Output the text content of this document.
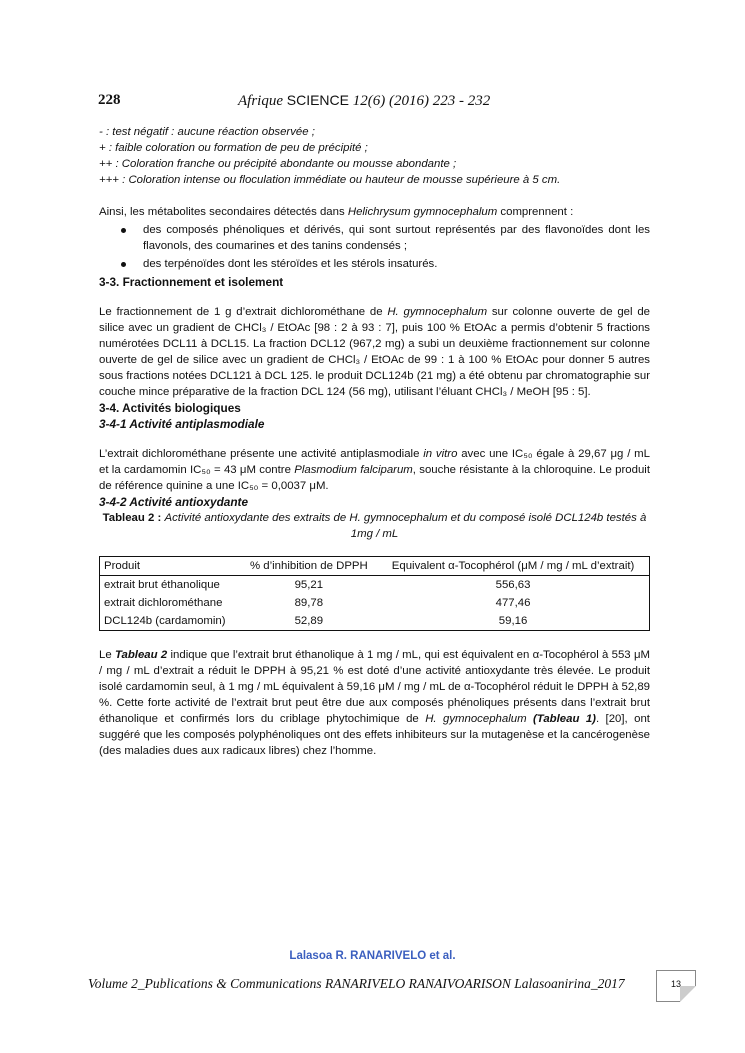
228	Afrique SCIENCE 12(6) (2016) 223 - 232

- : test négatif : aucune réaction observée ;

+ : faible coloration ou formation de peu de précipité ;

++ : Coloration franche ou précipité abondante ou mousse abondante ;

+++ : Coloration intense ou floculation immédiate ou hauteur de mousse supérieure à 5 cm.

Ainsi, les métabolites secondaires détectés dans Helichrysum gymnocephalum comprennent :

des composés phénoliques et dérivés, qui sont surtout représentés par des flavonoïdes dont les flavonols, des coumarines et des tanins condensés ;
des terpénoïdes dont les stéroïdes et les stérols insaturés.

3-3. Fractionnement et isolement

Le fractionnement de 1 g d’extrait dichlorométhane de H. gymnocephalum sur colonne ouverte de gel de silice avec un gradient de CHCl₃ / EtOAc [98 : 2 à 93 : 7], puis 100 % EtOAc a permis d’obtenir 5 fractions numérotées DCL11 à DCL15. La fraction DCL12 (967,2 mg) a subi un deuxième fractionnement sur colonne ouverte de gel de silice avec un gradient de CHCl₃ / EtOAc de 99 : 1 à 100 % EtOAc pour donner 5 autres sous fractions notées DCL121 à DCL 125. le produit DCL124b (21 mg) a été obtenu par chromatographie sur couche mince préparative de la fraction DCL 124 (56 mg), utilisant l’éluant CHCl₃ / MeOH [95 : 5].

3-4. Activités biologiques

3-4-1 Activité antiplasmodiale

L’extrait dichlorométhane présente une activité antiplasmodiale in vitro avec une IC₅₀ égale à 29,67 μg / mL et la cardamomin IC₅₀ = 43 μM contre Plasmodium falciparum, souche résistante à la chloroquine. Le produit de référence quinine a une IC₅₀ = 0,0037 μM.

3-4-2 Activité antioxydante

Tableau 2 : Activité antioxydante des extraits de H. gymnocephalum et du composé isolé DCL124b testés à 1mg / mL

Produit	% d’inhibition de DPPH	Equivalent α-Tocophérol (μM / mg / mL d’extrait)
extrait brut éthanolique	95,21	556,63
extrait dichlorométhane	89,78	477,46
DCL124b (cardamomin)	52,89	59,16

Le Tableau 2 indique que l’extrait brut éthanolique à 1 mg / mL, qui est équivalent en α-Tocophérol à 553 μM / mg / mL d’extrait a réduit le DPPH à 95,21 % est doté d’une activité antioxydante très élevée. Le produit isolé cardamomin seul, à 1 mg / mL équivalent à 59,16 μM / mg / mL de α-Tocophérol réduit le DPPH à 52,89 %. Cette forte activité de l’extrait brut peut être due aux composés phénoliques présents dans l’extrait brut éthanolique et confirmés lors du criblage phytochimique de H. gymnocephalum (Tableau 1). [20], ont suggéré que les composés polyphénoliques ont des effets inhibiteurs sur la mutagenèse et la cancérogenèse (des maladies dues aux radicaux libres) chez l’homme.

Lalasoa R. RANARIVELO et al.
Volume 2_Publications & Communications RANARIVELO RANAIVOARISON Lalasoanirina_2017	13
